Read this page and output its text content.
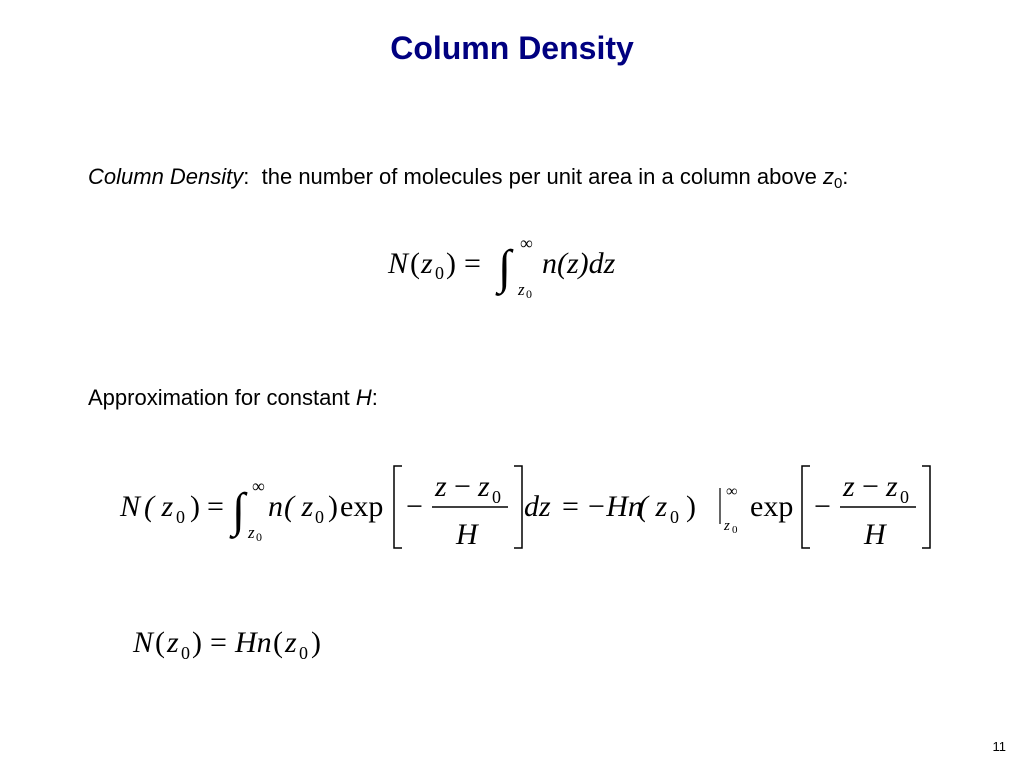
Column Density
Column Density:  the number of molecules per unit area in a column above $z_0$:
N ( z 0 ) = ∫ ∞
z 0
n(z)dz
Approximation for constant H:
N ( z 0 ) = ∫ ∞
z 0
n ( z 0 ) exp −
z − z 0
H
dz = −Hn
( z 0 ) ∞
z 0
exp −
z − z 0
H
N ( z 0 ) = Hn ( z 0 )
11
